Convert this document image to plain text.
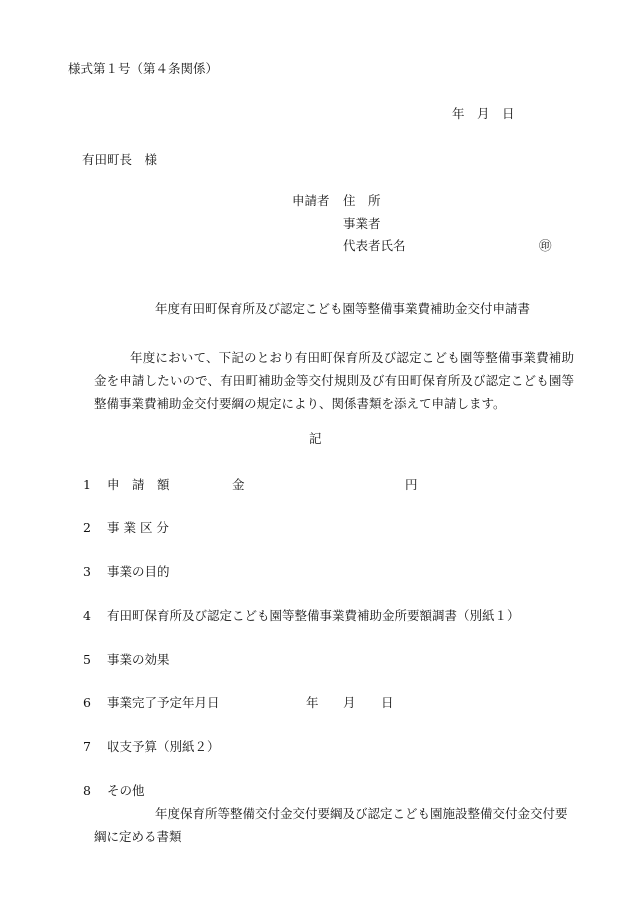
様式第１号（第４条関係）
年 月 日
有田町長　様
申請者 住　所
事業者
代表者氏名	㊞
年度有田町保育所及び認定こども園等整備事業費補助金交付申請書
年度において、下記のとおり有田町保育所及び認定こども園等整備事業費補助金を申請したいので、有田町補助金等交付規則及び有田町保育所及び認定こども園等整備事業費補助金交付要綱の規定により、関係書類を添えて申請します。
記
1 申　請　額	金	円
2 事 業 区 分
3 事業の目的
4 有田町保育所及び認定こども園等整備事業費補助金所要額調書（別紙１）
5 事業の効果
6 事業完了予定年月日	年 月 日
7 収支予算（別紙２）
8 その他
年度保育所等整備交付金交付要綱及び認定こども園施設整備交付金交付要
綱に定める書類
